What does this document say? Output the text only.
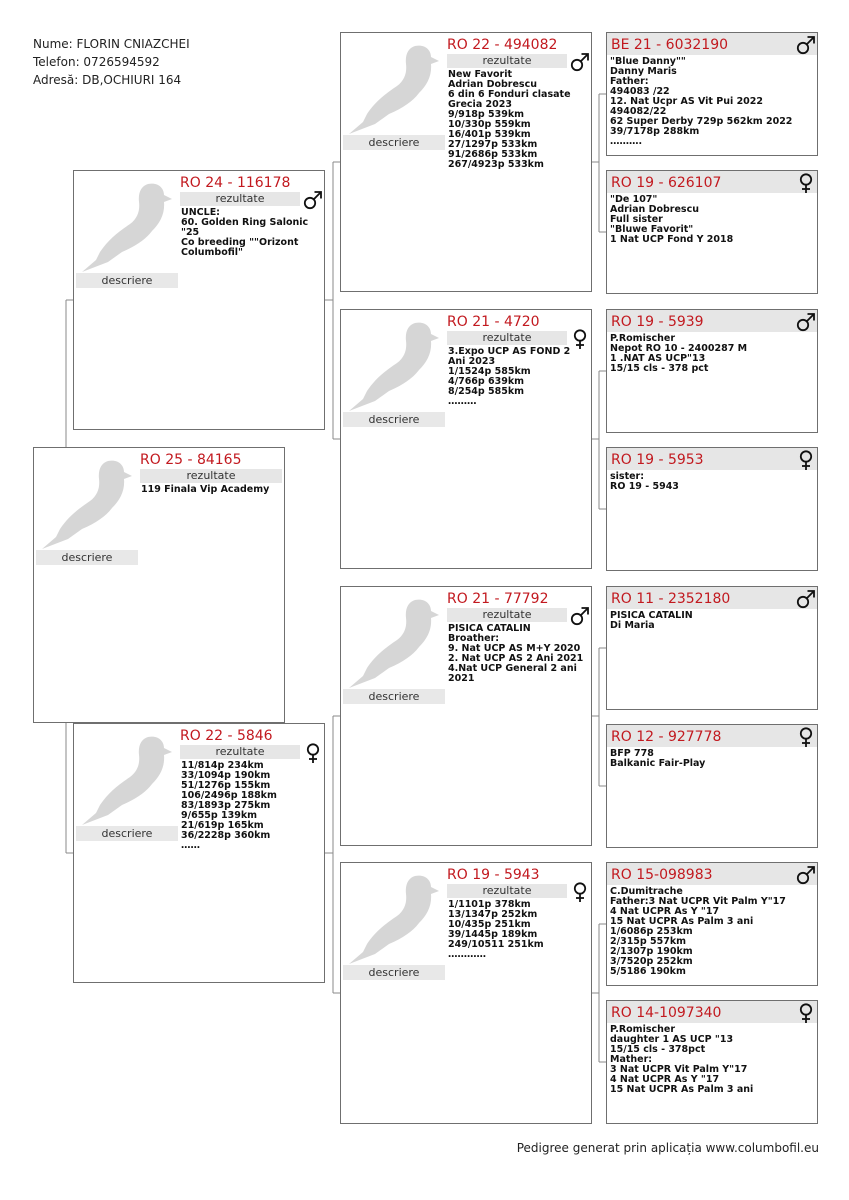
Nume: FLORIN CNIAZCHEI
Telefon: 0726594592
Adresă: DB,OCHIURI 164
descriere
RO 25 - 84165
rezultate
119 Finala Vip Academy
descriere
RO 24 - 116178
rezultate
UNCLE:
60. Golden Ring Salonic "25
Co breeding ""Orizont Columbofil"
descriere
RO 22 - 5846
rezultate
11/814p 234km
33/1094p 190km
51/1276p 155km
106/2496p 188km
83/1893p 275km
9/655p 139km
21/619p 165km
36/2228p 360km
……
descriere
RO 22 - 494082
rezultate
New Favorit
Adrian Dobrescu
6 din 6 Fonduri clasate Grecia 2023
9/918p 539km
10/330p 559km
16/401p 539km
27/1297p 533km
91/2686p 533km
267/4923p 533km
descriere
RO 21 - 4720
rezultate
3.Expo UCP AS FOND 2 Ani 2023
1/1524p 585km
4/766p 639km
8/254p 585km
………
descriere
RO 21 - 77792
rezultate
PISICA CATALIN
Broather:
9. Nat UCP AS M+Y 2020
2. Nat UCP AS 2 Ani 2021
4.Nat UCP General 2 ani 2021
descriere
RO 19 - 5943
rezultate
1/1101p 378km
13/1347p 252km
10/435p 251km
39/1445p 189km
249/10511 251km
…………
BE 21 - 6032190
"Blue Danny""
Danny Maris
Father:
494083 /22
12. Nat Ucpr AS Vit Pui 2022
494082/22
62 Super Derby 729p 562km 2022
39/7178p 288km
……….
RO 19 - 626107
"De 107"
Adrian Dobrescu
Full sister
"Bluwe Favorit"
1 Nat UCP Fond Y 2018
RO 19 - 5939
P.Romischer
Nepot RO 10 - 2400287 M
1 .NAT AS UCP"13
15/15 cls - 378 pct
RO 19 - 5953
sister:
RO 19 - 5943
RO 11 - 2352180
PISICA CATALIN
Di Maria
RO 12 - 927778
BFP 778
Balkanic Fair-Play
RO 15-098983
C.Dumitrache
Father:3 Nat UCPR Vit Palm Y"17
4 Nat UCPR As Y "17
15 Nat UCPR As Palm 3 ani
1/6086p 253km
2/315p 557km
2/1307p 190km
3/7520p 252km
5/5186 190km
RO 14-1097340
P.Romischer
daughter 1 AS UCP "13
15/15 cls - 378pct
Mather:
3 Nat UCPR Vit Palm Y"17
4 Nat UCPR As Y "17
15 Nat UCPR As Palm 3 ani
Pedigree generat prin aplicația www.columbofil.eu
